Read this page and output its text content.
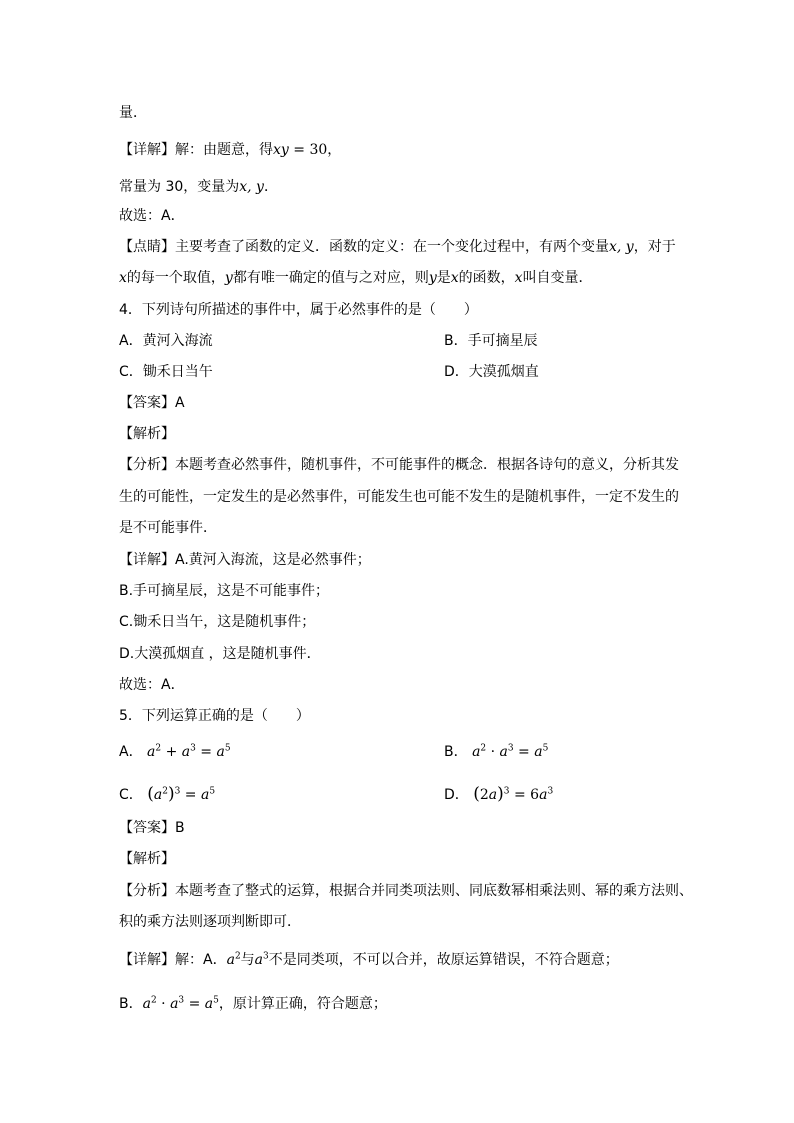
量．
【详解】解：由题意，得xy = 30，
常量为 30，变量为x, y．
故选：A．
【点睛】主要考查了函数的定义．函数的定义：在一个变化过程中，有两个变量x, y，对于
x的每一个取值，y都有唯一确定的值与之对应，则y是x的函数，x叫自变量．
4．下列诗句所描述的事件中，属于必然事件的是（　　）
A．黄河入海流	B．手可摘星辰
C．锄禾日当午	D．大漠孤烟直
【答案】A
【解析】
【分析】本题考查必然事件，随机事件，不可能事件的概念．根据各诗句的意义，分析其发
生的可能性，一定发生的是必然事件，可能发生也可能不发生的是随机事件，一定不发生的
是不可能事件．
【详解】A.黄河入海流，这是必然事件；
B.手可摘星辰，这是不可能事件；
C.锄禾日当午，这是随机事件；
D.大漠孤烟直 ，这是随机事件．
故选：A．
5．下列运算正确的是（　　）
A． $a^2 + a^3 = a^5$	B． $a^2 \cdot a^3 = a^5$
C． $(a^2)^3 = a^5$	D． $(2a)^3 = 6a^3$
【答案】B
【解析】
【分析】本题考查了整式的运算，根据合并同类项法则、同底数幂相乘法则、幂的乘方法则、
积的乘方法则逐项判断即可．
【详解】解：A．$a^2$与$a^3$不是同类项，不可以合并，故原运算错误，不符合题意；
B．$a^2 \cdot a^3 = a^5$，原计算正确，符合题意；
